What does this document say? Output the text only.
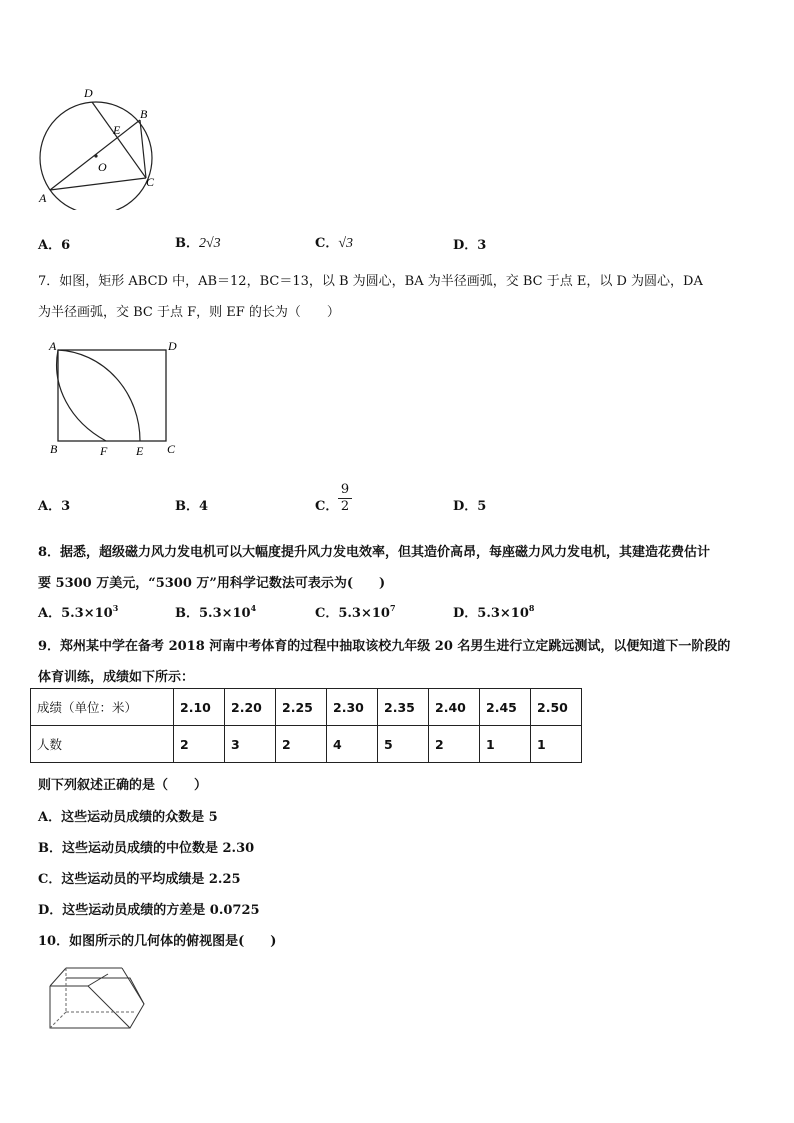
D
B
E
O
A
C
A．6	B．2√3	C．√3	D．3
7．如图，矩形 ABCD 中，AB＝12，BC＝13，以 B 为圆心，BA 为半径画弧，交 BC 于点 E，以 D 为圆心，DA
为半径画弧，交 BC 于点 F，则 EF 的长为（　　）
A	D
B	F E C
A．3	B．4	C．
9
2	D．5
8．据悉，超级磁力风力发电机可以大幅度提升风力发电效率，但其造价高昂，每座磁力风力发电机，其建造花费估计
要 5300 万美元，“5300 万”用科学记数法可表示为(　　)
A．$5.3\times 10^3$	B．$5.3\times 10^4$	C．$5.3\times 10^7$	D．$5.3\times 10^8$
9．郑州某中学在备考 2018 河南中考体育的过程中抽取该校九年级 20 名男生进行立定跳远测试，以便知道下一阶段的
体育训练，成绩如下所示：
成绩（单位：米）	2.10	2.20	2.25	2.30	2.35	2.40	2.45	2.50
人数	2	3	2	4	5	2	1	1
则下列叙述正确的是（　　）
A．这些运动员成绩的众数是 5
B．这些运动员成绩的中位数是 2.30
C．这些运动员的平均成绩是 2.25
D．这些运动员成绩的方差是 0.0725
10．如图所示的几何体的俯视图是(　　)
